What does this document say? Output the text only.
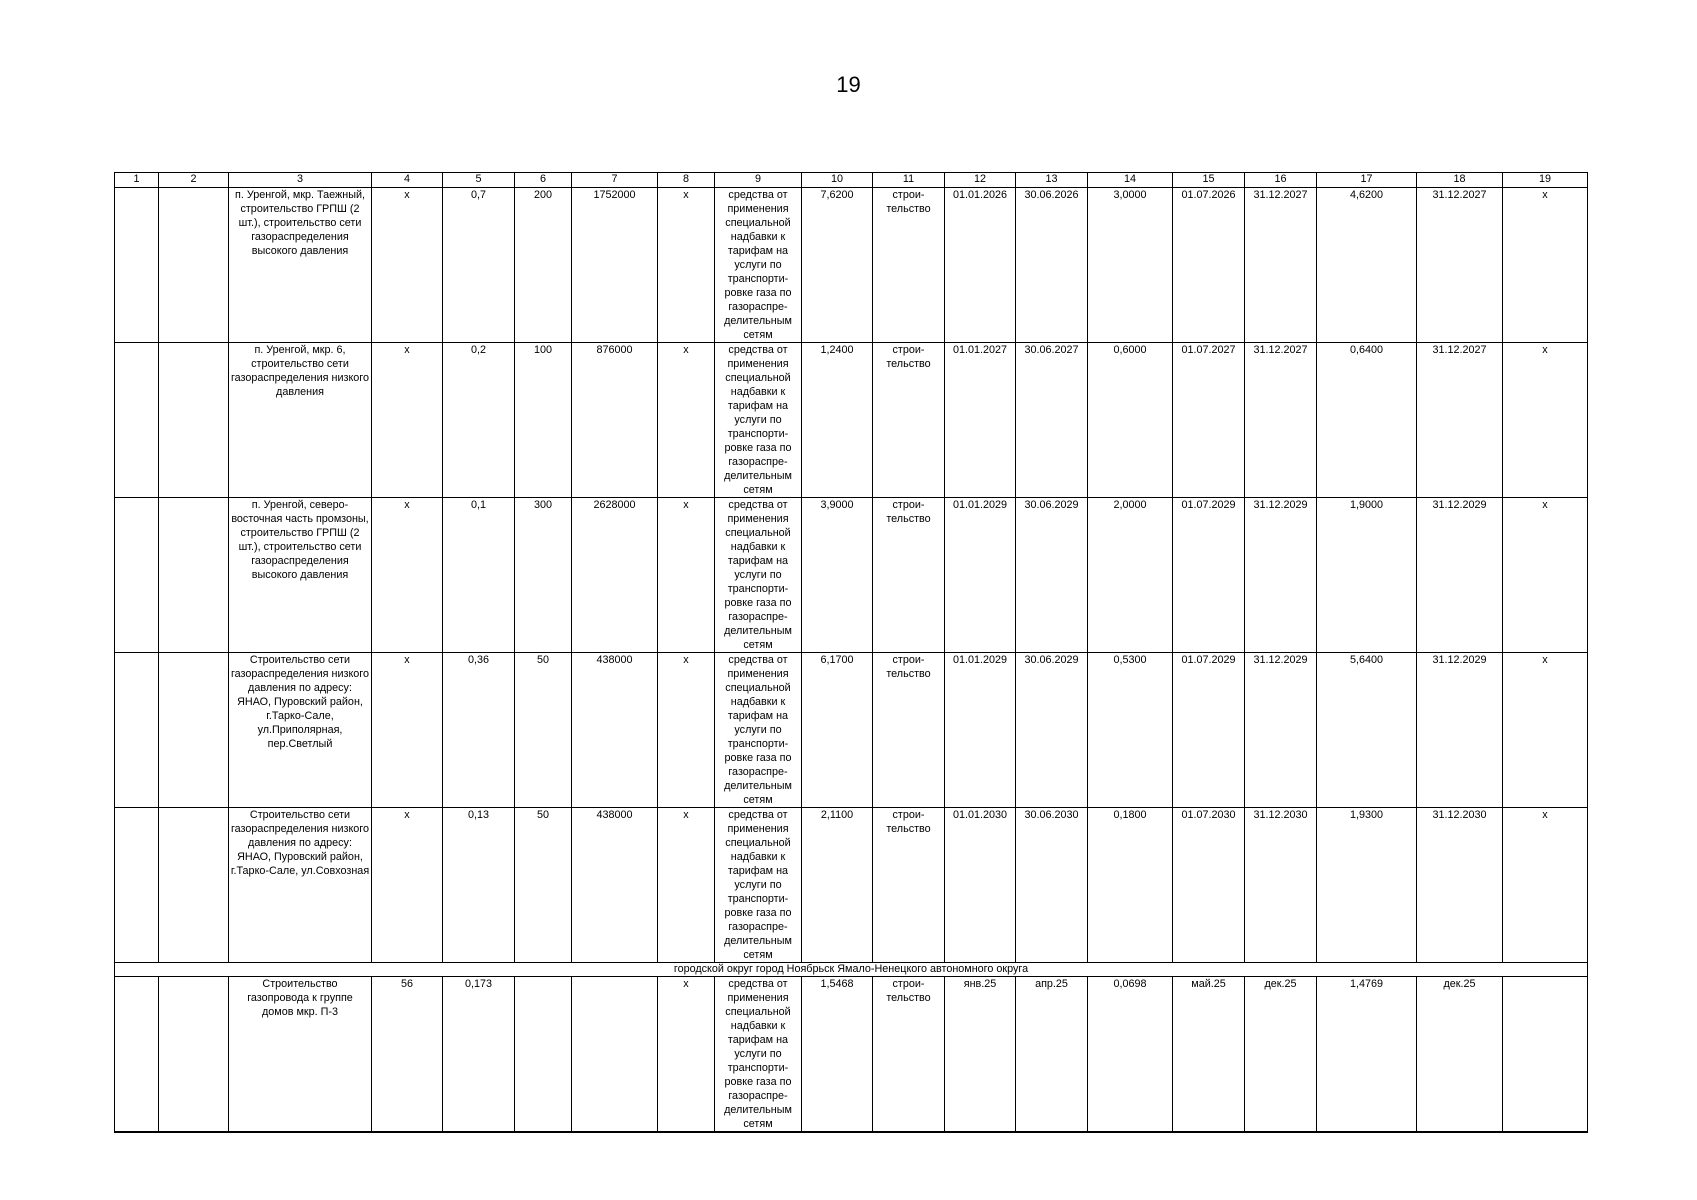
19
1	2	3	4	5	6	7	8	9	10	11	12	13	14	15	16	17	18	19
		п. Уренгой, мкр. Таежный, строительство ГРПШ (2 шт.), строительство сети газораспределения высокого давления	x	0,7	200	1752000	x	средства от применения специальной надбавки к тарифам на услуги по транспорти-ровке газа по газораспре-делительным сетям	7,6200	строи-тельство	01.01.2026	30.06.2026	3,0000	01.07.2026	31.12.2027	4,6200	31.12.2027	x
		п. Уренгой, мкр. 6, строительство сети газораспределения низкого давления	x	0,2	100	876000	x	средства от применения специальной надбавки к тарифам на услуги по транспорти-ровке газа по газораспре-делительным сетям	1,2400	строи-тельство	01.01.2027	30.06.2027	0,6000	01.07.2027	31.12.2027	0,6400	31.12.2027	x
		п. Уренгой, северо-восточная часть промзоны, строительство ГРПШ (2 шт.), строительство сети газораспределения высокого давления	x	0,1	300	2628000	x	средства от применения специальной надбавки к тарифам на услуги по транспорти-ровке газа по газораспре-делительным сетям	3,9000	строи-тельство	01.01.2029	30.06.2029	2,0000	01.07.2029	31.12.2029	1,9000	31.12.2029	x
		Строительство сети газораспределения низкого давления по адресу: ЯНАО, Пуровский район, г.Тарко-Сале, ул.Приполярная, пер.Светлый	x	0,36	50	438000	x	средства от применения специальной надбавки к тарифам на услуги по транспорти-ровке газа по газораспре-делительным сетям	6,1700	строи-тельство	01.01.2029	30.06.2029	0,5300	01.07.2029	31.12.2029	5,6400	31.12.2029	x
		Строительство сети газораспределения низкого давления по адресу: ЯНАО, Пуровский район, г.Тарко-Сале, ул.Совхозная	x	0,13	50	438000	x	средства от применения специальной надбавки к тарифам на услуги по транспорти-ровке газа по газораспре-делительным сетям	2,1100	строи-тельство	01.01.2030	30.06.2030	0,1800	01.07.2030	31.12.2030	1,9300	31.12.2030	x
городской округ город Ноябрьск Ямало-Ненецкого автономного округа																		
		Строительство газопровода к группе домов мкр. П-3	56	0,173			x	средства от применения специальной надбавки к тарифам на услуги по транспорти-ровке газа по газораспре-делительным сетям	1,5468	строи-тельство	янв.25	апр.25	0,0698	май.25	дек.25	1,4769	дек.25	
